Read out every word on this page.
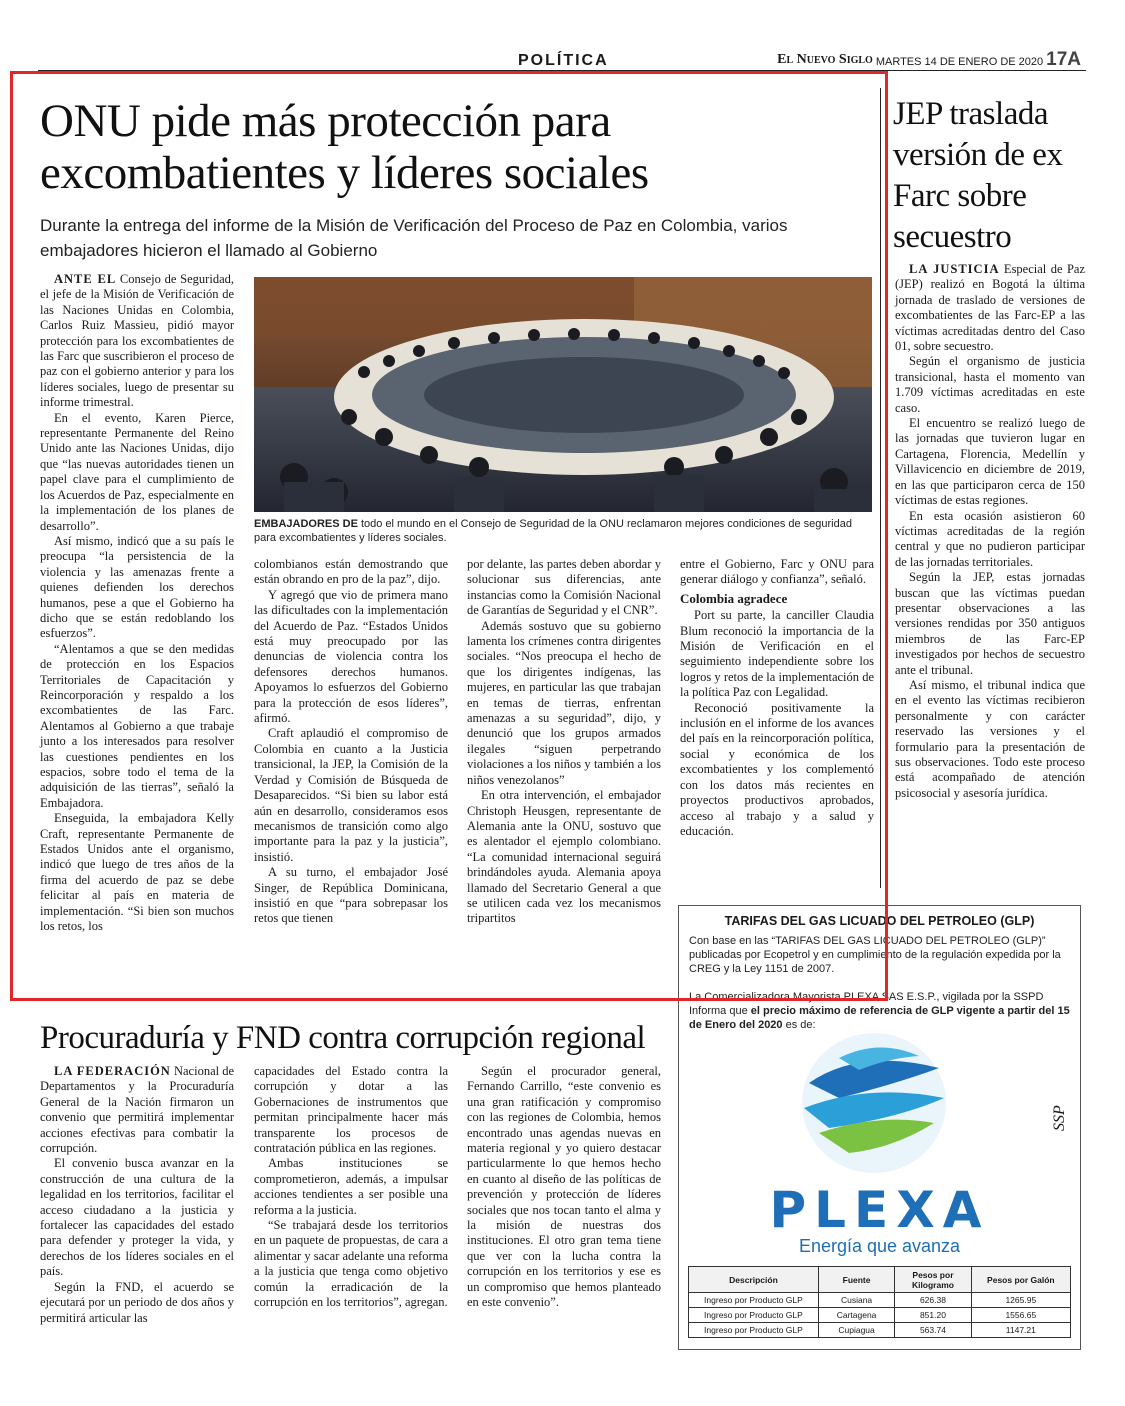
POLÍTICA	El Nuevo Siglo MARTES 14 DE ENERO DE 2020 17A
ONU pide más protección para excombatientes y líderes sociales
Durante la entrega del informe de la Misión de Verificación del Proceso de Paz en Colombia, varios embajadores hicieron el llamado al Gobierno

ANTE EL Consejo de Seguridad, el jefe de la Misión de Verificación de las Naciones Unidas en Colombia, Carlos Ruiz Massieu, pidió mayor protección para los excombatientes de las Farc que suscribieron el proceso de paz con el gobierno anterior y para los líderes sociales, luego de presentar su informe trimestral.

En el evento, Karen Pierce, representante Permanente del Reino Unido ante las Naciones Unidas, dijo que “las nuevas autoridades tienen un papel clave para el cumplimiento de los Acuerdos de Paz, especialmente en la implementación de los planes de desarrollo”.

Así mismo, indicó que a su país le preocupa “la persistencia de la violencia y las amenazas frente a quienes defienden los derechos humanos, pese a que el Gobierno ha dicho que se están redoblando los esfuerzos”.

“Alentamos a que se den medidas de protección en los Espacios Territoriales de Capacitación y Reincorporación y respaldo a los excombatientes de las Farc. Alentamos al Gobierno a que trabaje junto a los interesados para resolver las cuestiones pendientes en los espacios, sobre todo el tema de la adquisición de las tierras”, señaló la Embajadora.

Enseguida, la embajadora Kelly Craft, representante Permanente de Estados Unidos ante el organismo, indicó que luego de tres años de la firma del acuerdo de paz se debe felicitar al país en materia de implementación. “Si bien son muchos los retos, los

EMBAJADORES DE todo el mundo en el Consejo de Seguridad de la ONU reclamaron mejores condiciones de seguridad para excombatientes y líderes sociales.

colombianos están demostrando que están obrando en pro de la paz”, dijo.

Y agregó que vio de primera mano las dificultades con la implementación del Acuerdo de Paz. “Estados Unidos está muy preocupado por las denuncias de violencia contra los defensores derechos humanos. Apoyamos lo esfuerzos del Gobierno para la protección de esos líderes”, afirmó.

Craft aplaudió el compromiso de Colombia en cuanto a la Justicia transicional, la JEP, la Comisión de la Verdad y Comisión de Búsqueda de Desaparecidos. “Si bien su labor está aún en desarrollo, consideramos esos mecanismos de transición como algo importante para la paz y la justicia”, insistió.

A su turno, el embajador José Singer, de República Dominicana, insistió en que “para sobrepasar los retos que tienen

por delante, las partes deben abordar y solucionar sus diferencias, ante instancias como la Comisión Nacional de Garantías de Seguridad y el CNR”.

Además sostuvo que su gobierno lamenta los crímenes contra dirigentes sociales. “Nos preocupa el hecho de que los dirigentes indígenas, las mujeres, en particular las que trabajan en temas de tierras, enfrentan amenazas a su seguridad”, dijo, y denunció que los grupos armados ilegales “siguen perpetrando violaciones a los niños y también a los niños venezolanos”

En otra intervención, el embajador Christoph Heusgen, representante de Alemania ante la ONU, sostuvo que es alentador el ejemplo colombiano. “La comunidad internacional seguirá brindándoles ayuda. Alemania apoya llamado del Secretario General a que se utilicen cada vez los mecanismos tripartitos

entre el Gobierno, Farc y ONU para generar diálogo y confianza”, señaló.

Colombia agradece

Port su parte, la canciller Claudia Blum reconoció la importancia de la Misión de Verificación en el seguimiento independiente sobre los logros y retos de la implementación de la política Paz con Legalidad.

Reconoció positivamente la inclusión en el informe de los avances del país en la reincorporación política, social y económica de los excombatientes y los complementó con los datos más recientes en proyectos productivos aprobados, acceso al trabajo y a salud y educación.

JEP traslada versión de ex Farc sobre secuestro

LA JUSTICIA Especial de Paz (JEP) realizó en Bogotá la última jornada de traslado de versiones de excombatientes de las Farc-EP a las víctimas acreditadas dentro del Caso 01, sobre secuestro.

Según el organismo de justicia transicional, hasta el momento van 1.709 víctimas acreditadas en este caso.

El encuentro se realizó luego de las jornadas que tuvieron lugar en Cartagena, Florencia, Medellín y Villavicencio en diciembre de 2019, en las que participaron cerca de 150 víctimas de estas regiones.

En esta ocasión asistieron 60 víctimas acreditadas de la región central y que no pudieron participar de las jornadas territoriales.

Según la JEP, estas jornadas buscan que las víctimas puedan presentar observaciones a las versiones rendidas por 350 antiguos miembros de las Farc-EP investigados por hechos de secuestro ante el tribunal.

Así mismo, el tribunal indica que en el evento las víctimas recibieron personalmente y con carácter reservado las versiones y el formulario para la presentación de sus observaciones. Todo este proceso está acompañado de atención psicosocial y asesoría jurídica.

Procuraduría y FND contra corrupción regional

LA FEDERACIÓN Nacional de Departamentos y la Procuraduría General de la Nación firmaron un convenio que permitirá implementar acciones efectivas para combatir la corrupción.

El convenio busca avanzar en la construcción de una cultura de la legalidad en los territorios, facilitar el acceso ciudadano a la justicia y fortalecer las capacidades del estado para defender y proteger la vida, y derechos de los líderes sociales en el país.

Según la FND, el acuerdo se ejecutará por un periodo de dos años y permitirá articular las

capacidades del Estado contra la corrupción y dotar a las Gobernaciones de instrumentos que permitan principalmente hacer más transparente los procesos de contratación pública en las regiones.

Ambas instituciones se comprometieron, además, a impulsar acciones tendientes a ser posible una reforma a la justicia.

“Se trabajará desde los territorios en un paquete de propuestas, de cara a alimentar y sacar adelante una reforma a la justicia que tenga como objetivo común la erradicación de la corrupción en los territorios”, agregan.

Según el procurador general, Fernando Carrillo, “este convenio es una gran ratificación y compromiso con las regiones de Colombia, hemos encontrado unas agendas nuevas en materia regional y yo quiero destacar particularmente lo que hemos hecho en cuanto al diseño de las políticas de prevención y protección de líderes sociales que nos tocan tanto el alma y la misión de nuestras dos instituciones. El otro gran tema tiene que ver con la lucha contra la corrupción en los territorios y ese es un compromiso que hemos planteado en este convenio”.

TARIFAS DEL GAS LICUADO DEL PETROLEO (GLP)
Con base en las “TARIFAS DEL GAS LICUADO DEL PETROLEO (GLP)” publicadas por Ecopetrol y en cumplimiento de la regulación expedida por la CREG y la Ley 1151 de 2007.
La Comercializadora Mayorista PLEXA SAS E.S.P., vigilada por la SSPD Informa que el precio máximo de referencia de GLP vigente a partir del 15 de Enero del 2020 es de:
PLEXA
Energía que avanza
SSP
Descripción	Fuente	Pesos por Kilogramo	Pesos por Galón
Ingreso por Producto GLP	Cusiana	626.38	1265.95
Ingreso por Producto GLP	Cartagena	851.20	1556.65
Ingreso por Producto GLP	Cupiagua	563.74	1147.21
